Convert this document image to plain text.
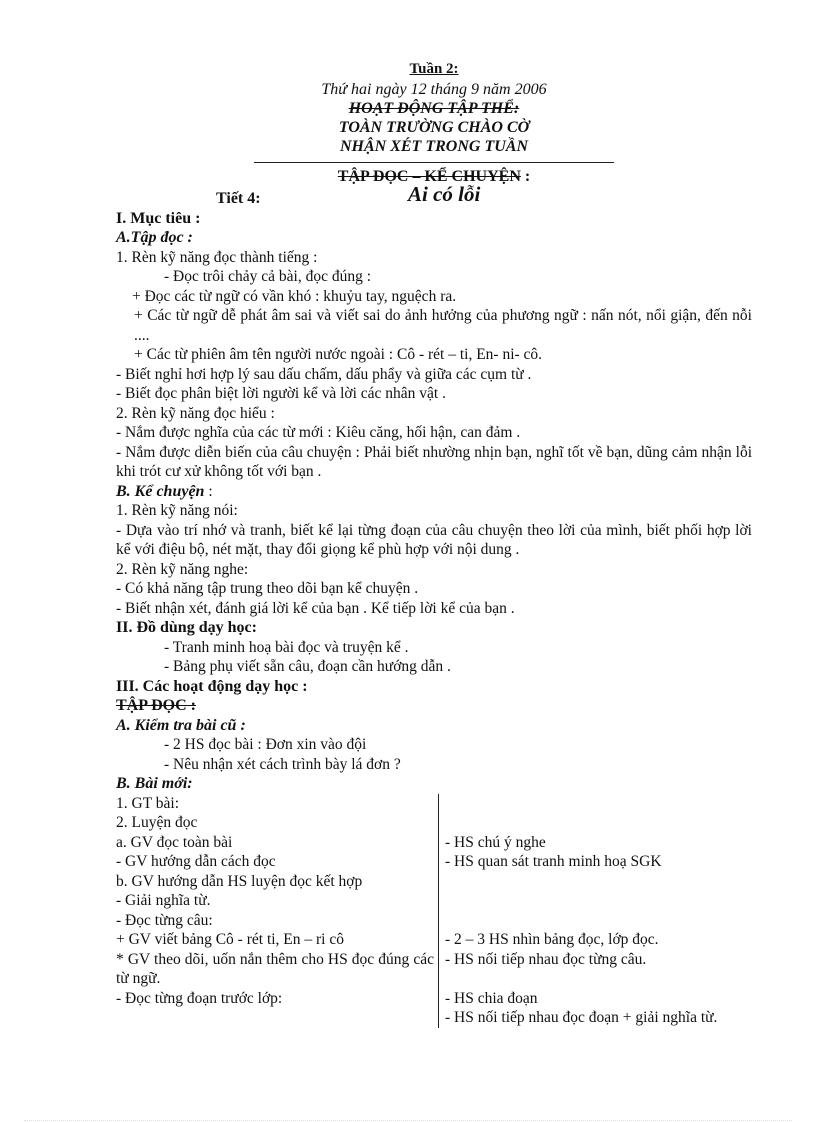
Tuần 2:
Thứ hai ngày 12 tháng 9 năm 2006
HOẠT ĐỘNG TẬP THỂ:
TOÀN TRƯỜNG CHÀO CỜ
NHẬN XÉT TRONG TUẦN
TẬP ĐỌC – KỂ CHUYỆN :
Tiết 4:	Ai có lỗi

I. Mục tiêu :

A.Tập đọc :

1. Rèn kỹ năng đọc thành tiếng :

- Đọc trôi chảy cả bài, đọc đúng :

+ Đọc các từ ngữ có vần khó : khuỷu tay, nguệch ra.

+ Các từ ngữ dễ phát âm sai và viết sai do ảnh hưởng của phương ngữ : nấn nót, nổi giận, đến nỗi ....

+ Các từ phiên âm tên người nước ngoài : Cô - rét – ti, En- ni- cô.

- Biết nghỉ hơi hợp lý sau dấu chấm, dấu phẩy và giữa các cụm từ .

- Biết đọc phân biệt lời người kể và lời các nhân vật .

2. Rèn kỹ năng đọc hiểu :

- Nắm được nghĩa của các từ mới : Kiêu căng, hối hận, can đảm .

- Nắm được diễn biến của câu chuyện : Phải biết nhường nhịn bạn, nghĩ tốt về bạn, dũng cảm nhận lỗi khi trót cư xử không tốt với bạn .

B. Kể chuyện :

1. Rèn kỹ năng nói:

- Dựa vào trí nhớ và tranh, biết kể lại từng đoạn của câu chuyện theo lời của mình, biết phối hợp lời kể với điệu bộ, nét mặt, thay đổi giọng kể phù hợp với nội dung .

2. Rèn kỹ năng nghe:

- Có khả năng tập trung theo dõi bạn kể chuyện .

- Biết nhận xét, đánh giá lời kể của bạn . Kể tiếp lời kể của bạn .

II. Đồ dùng dạy học:

- Tranh minh hoạ bài đọc và truyện kể .

- Bảng phụ viết sẵn câu, đoạn cần hướng dẫn .

III. Các hoạt động dạy học :

TẬP ĐỌC :

A. Kiểm tra bài cũ :

- 2 HS đọc bài : Đơn xin vào đội

- Nêu nhận xét cách trình bày lá đơn ?

B. Bài mới:

1. GT bài:	
2. Luyện đọc	
a. GV đọc toàn bài	- HS chú ý nghe
- GV hướng dẫn cách đọc	- HS quan sát tranh minh hoạ SGK
b. GV hướng dẫn HS luyện đọc kết hợp	
- Giải nghĩa từ.	
- Đọc từng câu:	
+ GV viết bảng Cô - rét ti, En – ri cô	- 2 – 3 HS nhìn bảng đọc, lớp đọc.
* GV theo dõi, uốn nắn thêm cho HS đọc đúng các từ ngữ.	- HS nối tiếp nhau đọc từng câu.
- Đọc từng đoạn trước lớp:	- HS chia đoạn
	- HS nối tiếp nhau đọc đoạn + giải nghĩa từ.
